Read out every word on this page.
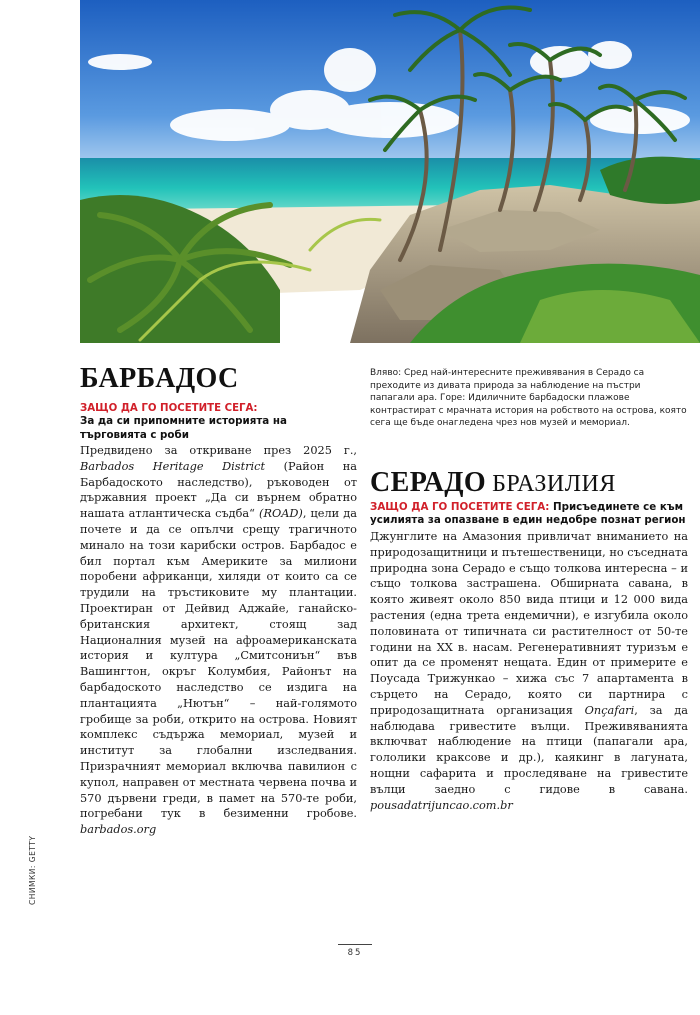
СНИМКИ: GETTY
БАРБАДОС
ЗАЩО ДА ГО ПОСЕТИТЕ СЕГА:
За да си припомните историята на търговията с роби

Предвидено за откриване през 2025 г., Barbados Heritage District (Район на Барбадоското наследство), ръководен от държавния проект „Да си върнем обратно нашата атлантическа съдба“ (ROAD), цели да почете и да се опълчи срещу трагичното минало на този карибски остров. Барбадос е бил портал към Америките за милиони поробени африканци, хиляди от които са се трудили на тръстиковите му плантации. Проектиран от Дейвид Аджайе, ганайско-британския архитект, стоящ зад Националния музей на афроамериканската история и култура „Смитсониън“ във Вашингтон, окръг Колумбия, Районът на барбадоското наследство се издига на плантацията „Нютън“ – най-голямото гробище за роби, открито на острова. Новият комплекс съдържа мемориал, музей и институт за глобални изследвания. Призрачният мемориал включва павилион с купол, направен от местната червена почва и 570 дървени греди, в памет на 570-те роби, погребани тук в безименни гробове. barbados.org

Вляво: Сред най-интересните преживявания в Серадо са преходите из дивата природа за наблюдение на пъстри папагали ара. Горе: Идиличните барбадоски плажове контрастират с мрачната история на робството на острова, която сега ще бъде онагледена чрез нов музей и мемориал.

СЕРАДО БРАЗИЛИЯ
ЗАЩО ДА ГО ПОСЕТИТЕ СЕГА: Присъединете се към усилията за опазване в един недобре познат регион

Джунглите на Амазония привличат вниманието на природозащитници и пътешественици, но съседната природна зона Серадо е също толкова интересна – и също толкова застрашена. Обширната савана, в която живеят около 850 вида птици и 12 000 вида растения (една трета ендемични), е изгубила около половината от типичната си растителност от 50-те години на XX в. насам. Регенеративният туризъм е опит да се променят нещата. Един от примерите е Поусада Трижункао – хижа със 7 апартамента в сърцето на Серадо, която си партнира с природозащитната организация Onçafari, за да наблюдава гривестите вълци. Преживяванията включват наблюдение на птици (папагали ара, гололики краксове и др.), каякинг в лагуната, нощни сафарита и проследяване на гривестите вълци заедно с гидове в савана. pousadatrijuncao.com.br

85
